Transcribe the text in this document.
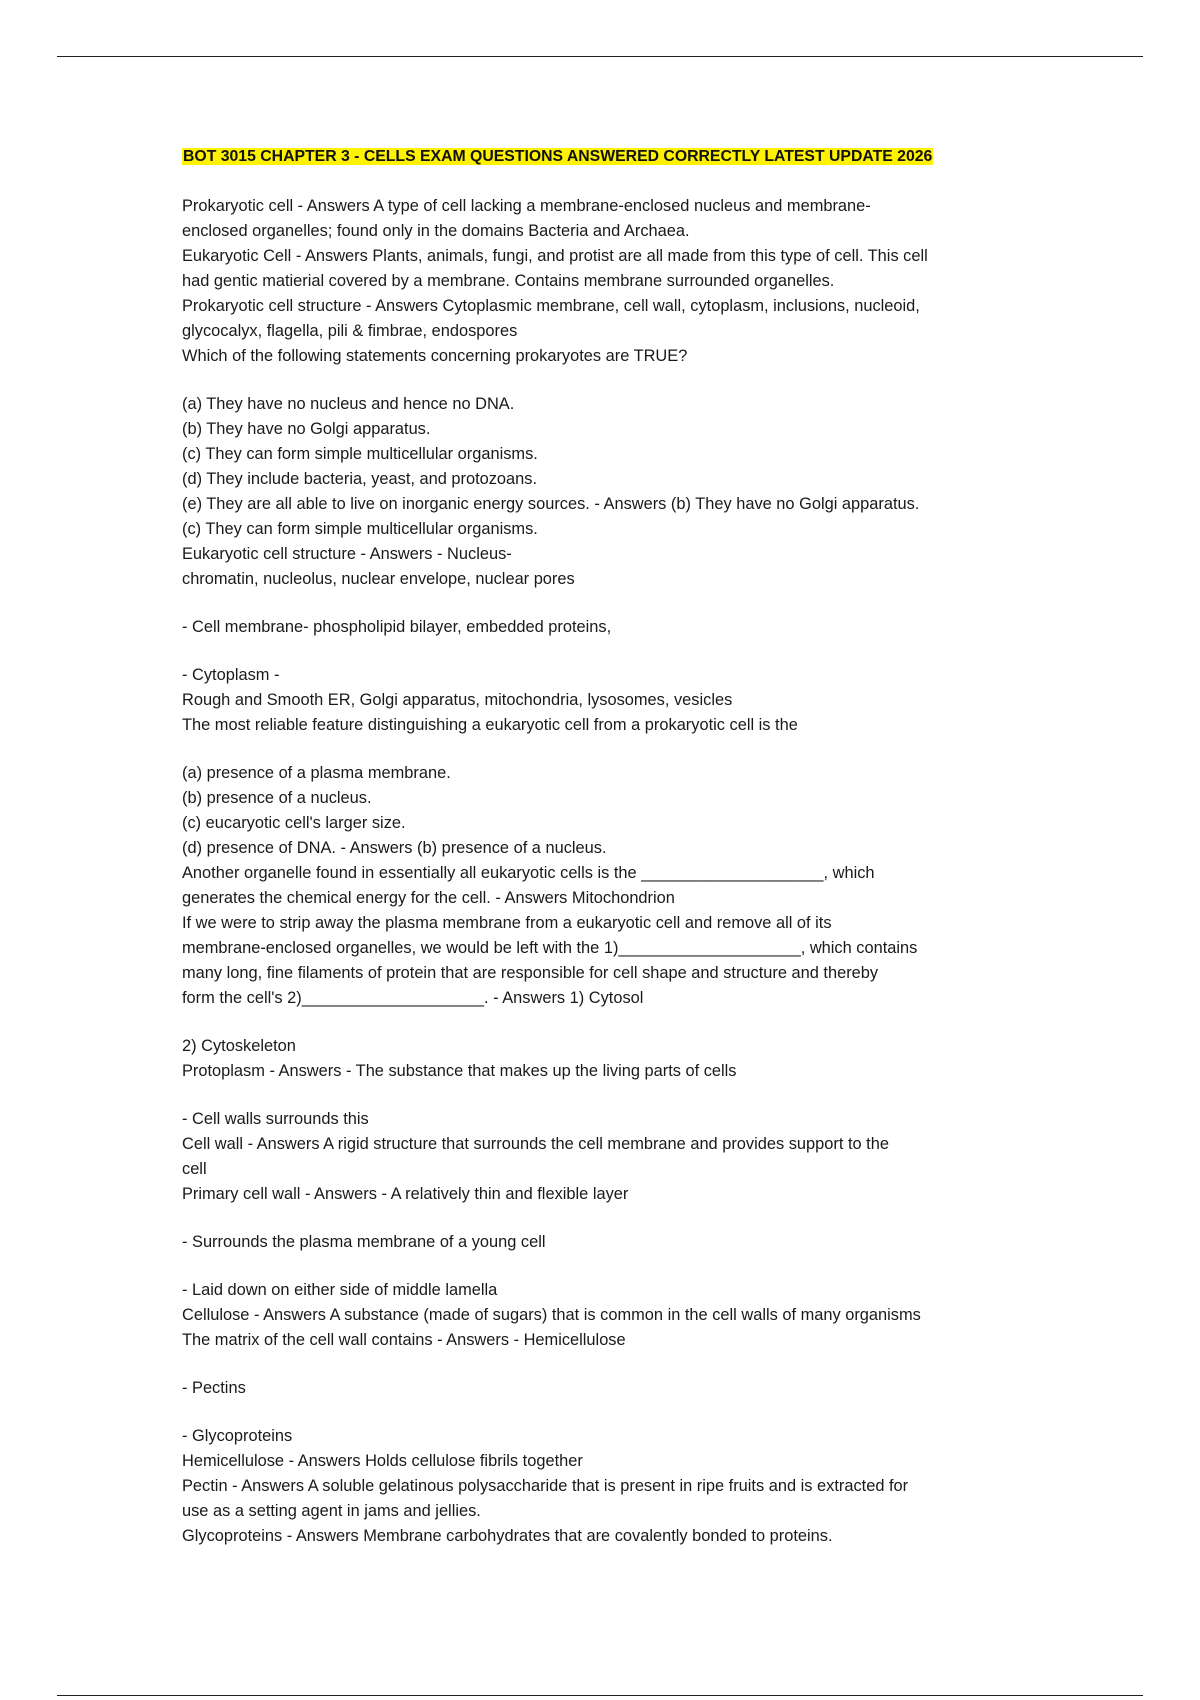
BOT 3015 CHAPTER 3 - CELLS EXAM QUESTIONS ANSWERED CORRECTLY LATEST UPDATE 2026
Prokaryotic cell - Answers A type of cell lacking a membrane-enclosed nucleus and membrane-
enclosed organelles; found only in the domains Bacteria and Archaea.
Eukaryotic Cell - Answers Plants, animals, fungi, and protist are all made from this type of cell. This cell
had gentic matierial covered by a membrane. Contains membrane surrounded organelles.
Prokaryotic cell structure - Answers Cytoplasmic membrane, cell wall, cytoplasm, inclusions, nucleoid,
glycocalyx, flagella, pili & fimbrae, endospores
Which of the following statements concerning prokaryotes are TRUE?
(a) They have no nucleus and hence no DNA.
(b) They have no Golgi apparatus.
(c) They can form simple multicellular organisms.
(d) They include bacteria, yeast, and protozoans.
(e) They are all able to live on inorganic energy sources. - Answers (b) They have no Golgi apparatus.
(c) They can form simple multicellular organisms.
Eukaryotic cell structure - Answers - Nucleus-
chromatin, nucleolus, nuclear envelope, nuclear pores
- Cell membrane- phospholipid bilayer, embedded proteins,
- Cytoplasm -
Rough and Smooth ER, Golgi apparatus, mitochondria, lysosomes, vesicles
The most reliable feature distinguishing a eukaryotic cell from a prokaryotic cell is the
(a) presence of a plasma membrane.
(b) presence of a nucleus.
(c) eucaryotic cell's larger size.
(d) presence of DNA. - Answers (b) presence of a nucleus.
Another organelle found in essentially all eukaryotic cells is the ____________________, which
generates the chemical energy for the cell. - Answers Mitochondrion
If we were to strip away the plasma membrane from a eukaryotic cell and remove all of its
membrane-enclosed organelles, we would be left with the 1)____________________, which contains
many long, fine filaments of protein that are responsible for cell shape and structure and thereby
form the cell's 2)____________________. - Answers 1) Cytosol
2) Cytoskeleton
Protoplasm - Answers - The substance that makes up the living parts of cells
- Cell walls surrounds this
Cell wall - Answers A rigid structure that surrounds the cell membrane and provides support to the
cell
Primary cell wall - Answers - A relatively thin and flexible layer
- Surrounds the plasma membrane of a young cell
- Laid down on either side of middle lamella
Cellulose - Answers A substance (made of sugars) that is common in the cell walls of many organisms
The matrix of the cell wall contains - Answers - Hemicellulose
- Pectins
- Glycoproteins
Hemicellulose - Answers Holds cellulose fibrils together
Pectin - Answers A soluble gelatinous polysaccharide that is present in ripe fruits and is extracted for
use as a setting agent in jams and jellies.
Glycoproteins - Answers Membrane carbohydrates that are covalently bonded to proteins.
